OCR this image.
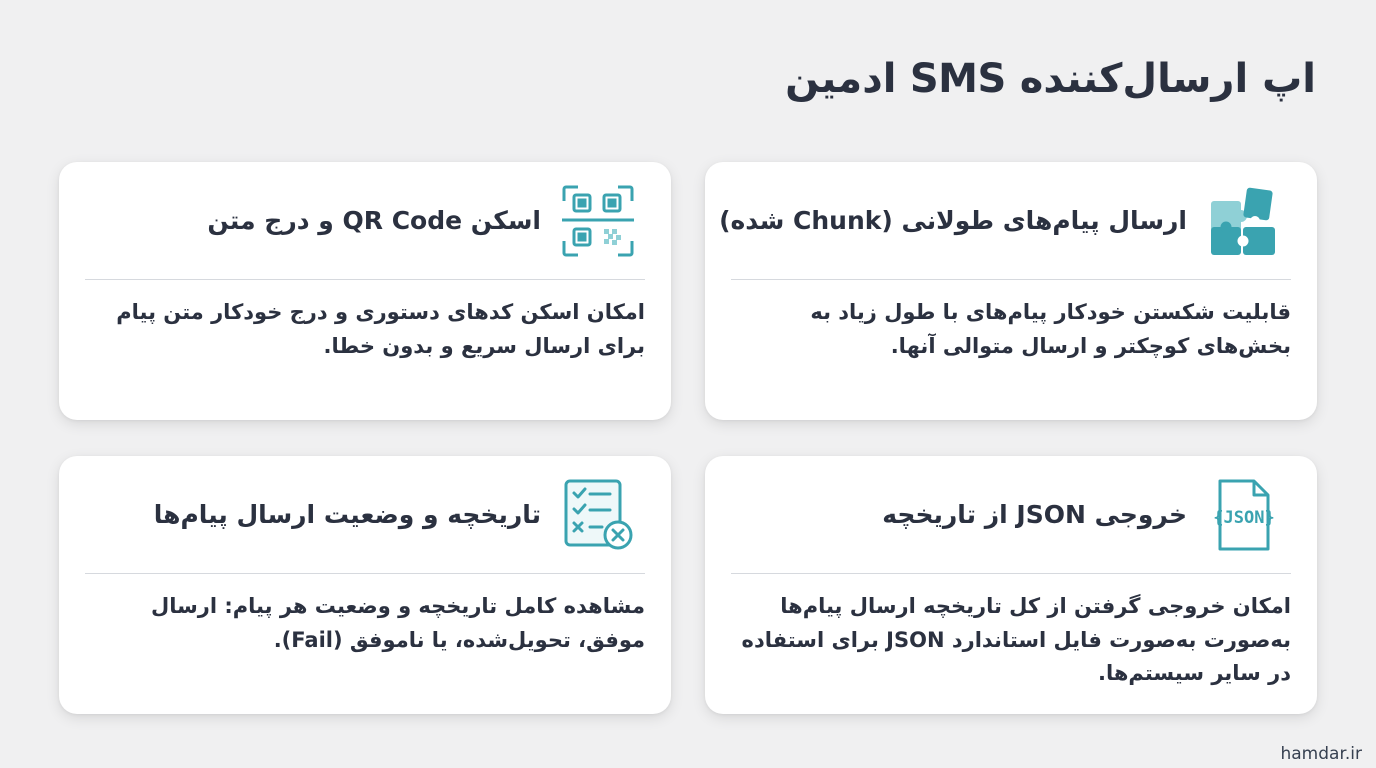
اپ ارسال‌کننده SMS ادمین
ارسال پیام‌های طولانی (Chunk شده)
قابلیت شکستن خودکار پیام‌های با طول زیاد به بخش‌های کوچکتر و ارسال متوالی آنها.
اسکن QR Code و درج متن
امکان اسکن کدهای دستوری و درج خودکار متن پیام برای ارسال سریع و بدون خطا.
{JSON}
خروجی JSON از تاریخچه
امکان خروجی گرفتن از کل تاریخچه ارسال پیام‌ها به‌صورت به‌صورت فایل استاندارد JSON برای استفاده در سایر سیستم‌ها.
تاریخچه و وضعیت ارسال پیام‌ها
مشاهده کامل تاریخچه و وضعیت هر پیام: ارسال موفق، تحویل‌شده، یا ناموفق (Fail).
hamdar.ir
